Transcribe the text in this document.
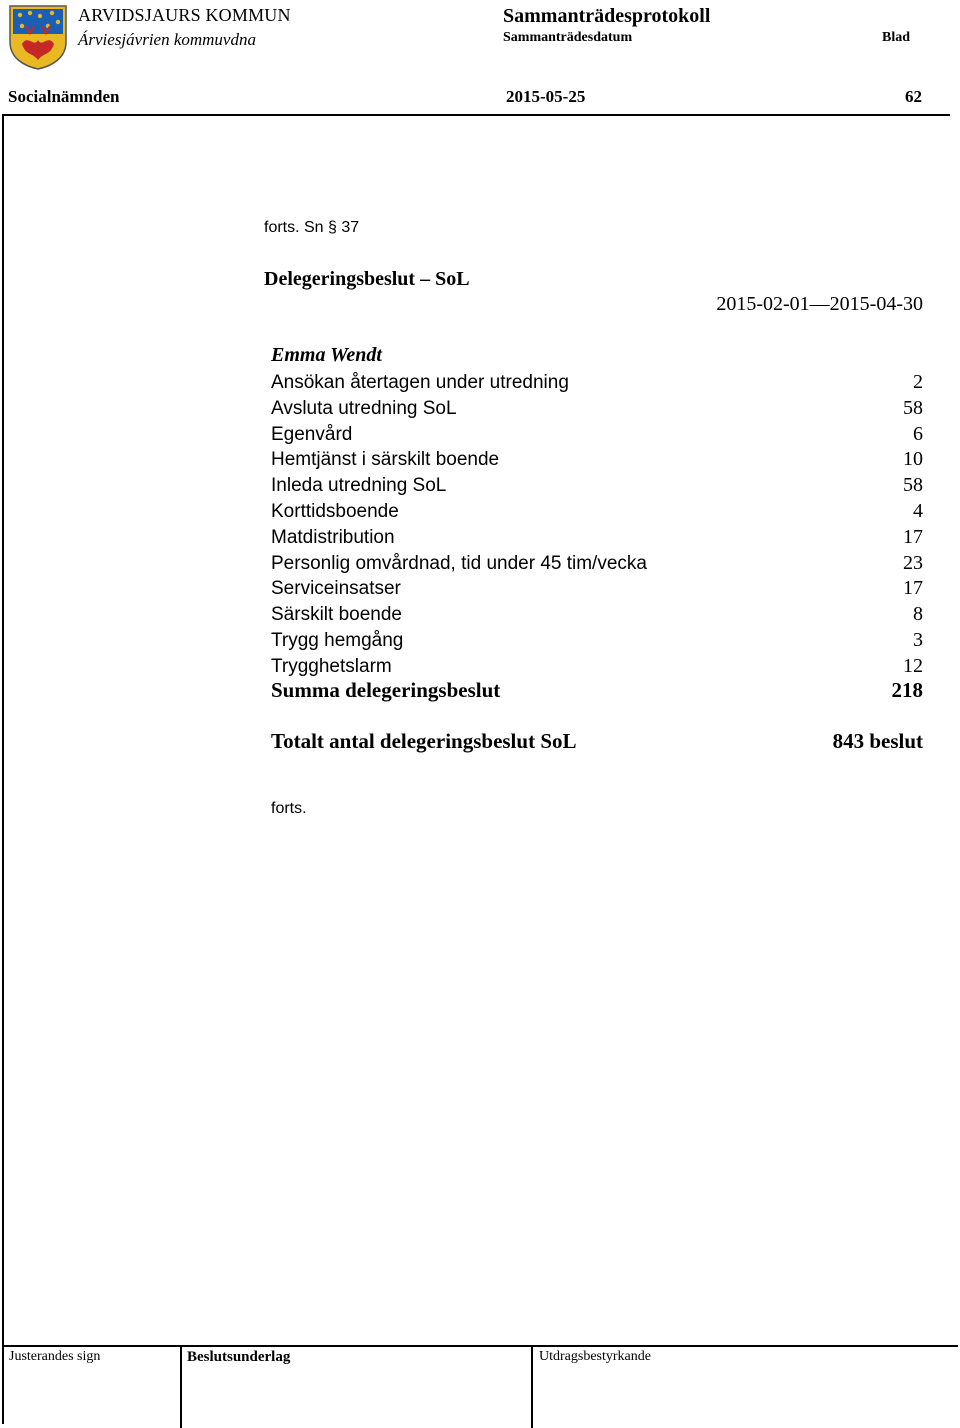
ARVIDSJAURS KOMMUN
Árviesjávrien kommuvdna
Sammanträdesprotokoll
Sammanträdesdatum	Blad
Socialnämnden	2015-05-25	62
forts. Sn § 37
Delegeringsbeslut – SoL
2015-02-01—2015-04-30
Emma Wendt
Ansökan återtagen under utredning	2
Avsluta utredning SoL	58
Egenvård	6
Hemtjänst i särskilt boende	10
Inleda utredning SoL	58
Korttidsboende	4
Matdistribution	17
Personlig omvårdnad, tid under 45 tim/vecka	23
Serviceinsatser	17
Särskilt boende	8
Trygg hemgång	3
Trygghetslarm	12
Summa delegeringsbeslut	218
Totalt antal delegeringsbeslut SoL	843 beslut
forts.
Justerandes sign	Beslutsunderlag	Utdragsbestyrkande
